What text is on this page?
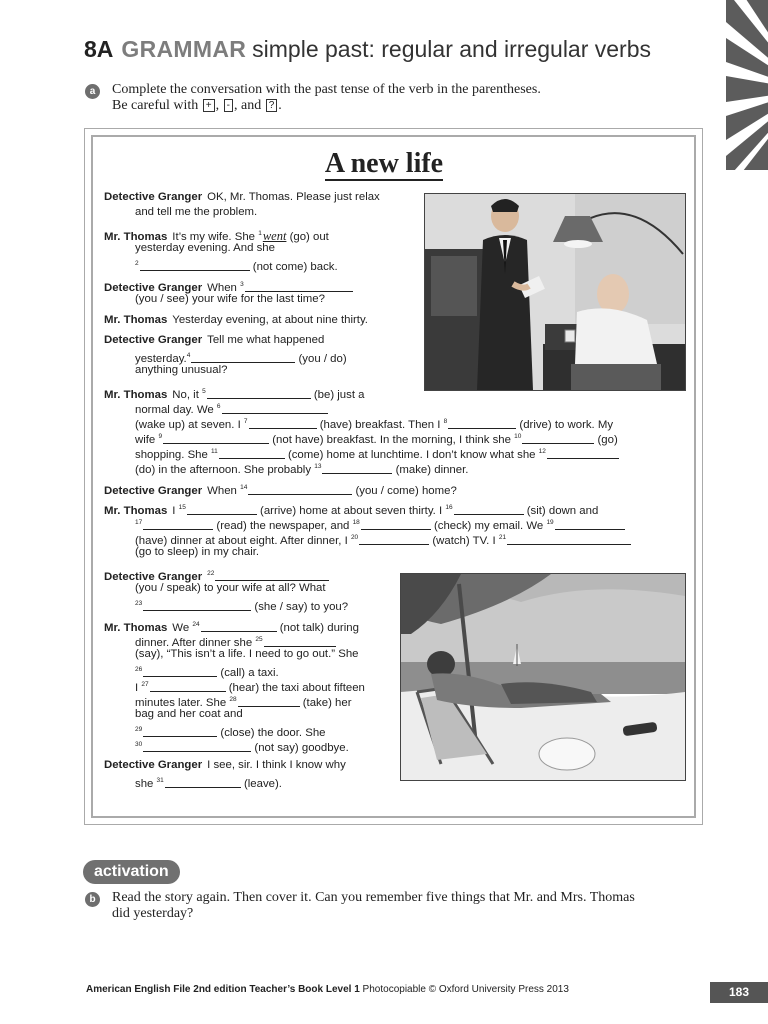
8A GRAMMAR simple past: regular and irregular verbs
a	Complete the conversation with the past tense of the verb in the parentheses.
Be careful with + , - , and ? .
A new life
Detective Granger OK, Mr. Thomas. Please just relax
and tell me the problem.
Mr. Thomas It’s my wife. She $^1$went (go) out
yesterday evening. And she
$^2$	(not come) back.
Detective Granger When $^3$
(you / see) your wife for the last time?
Mr. Thomas Yesterday evening, at about nine thirty.
Detective Granger Tell me what happened
yesterday.$^4$	(you / do)
anything unusual?
Mr. Thomas No, it $^5$	(be) just a
normal day. We $^6$
(wake up) at seven. I $^7$	(have) breakfast. Then I $^8$	(drive) to work. My
wife $^9$	(not have) breakfast. In the morning, I think she $^{10}$	(go)
shopping. She $^{11}$	(come) home at lunchtime. I don’t know what she $^{12}$
(do) in the afternoon. She probably $^{13}$	(make) dinner.
Detective Granger When $^{14}$	(you / come) home?
Mr. Thomas I $^{15}$	(arrive) home at about seven thirty. I $^{16}$	(sit) down and
$^{17}$	(read) the newspaper, and $^{18}$	(check) my email. We $^{19}$
(have) dinner at about eight. After dinner, I $^{20}$	(watch) TV. I $^{21}$
(go to sleep) in my chair.
Detective Granger $^{22}$
(you / speak) to your wife at all? What
$^{23}$	(she / say) to you?
Mr. Thomas We $^{24}$	(not talk) during
dinner. After dinner she $^{25}$
(say), “This isn’t a life. I need to go out.” She
$^{26}$	(call) a taxi.
I $^{27}$	(hear) the taxi about fifteen
minutes later. She $^{28}$	(take) her
bag and her coat and
$^{29}$	(close) the door. She
$^{30}$	(not say) goodbye.
Detective Granger I see, sir. I think I know why
she $^{31}$	(leave).
activation
b	Read the story again. Then cover it. Can you remember five things that Mr. and Mrs. Thomas
did yesterday?
American English File 2nd edition Teacher’s Book Level 1 Photocopiable © Oxford University Press 2013	183
